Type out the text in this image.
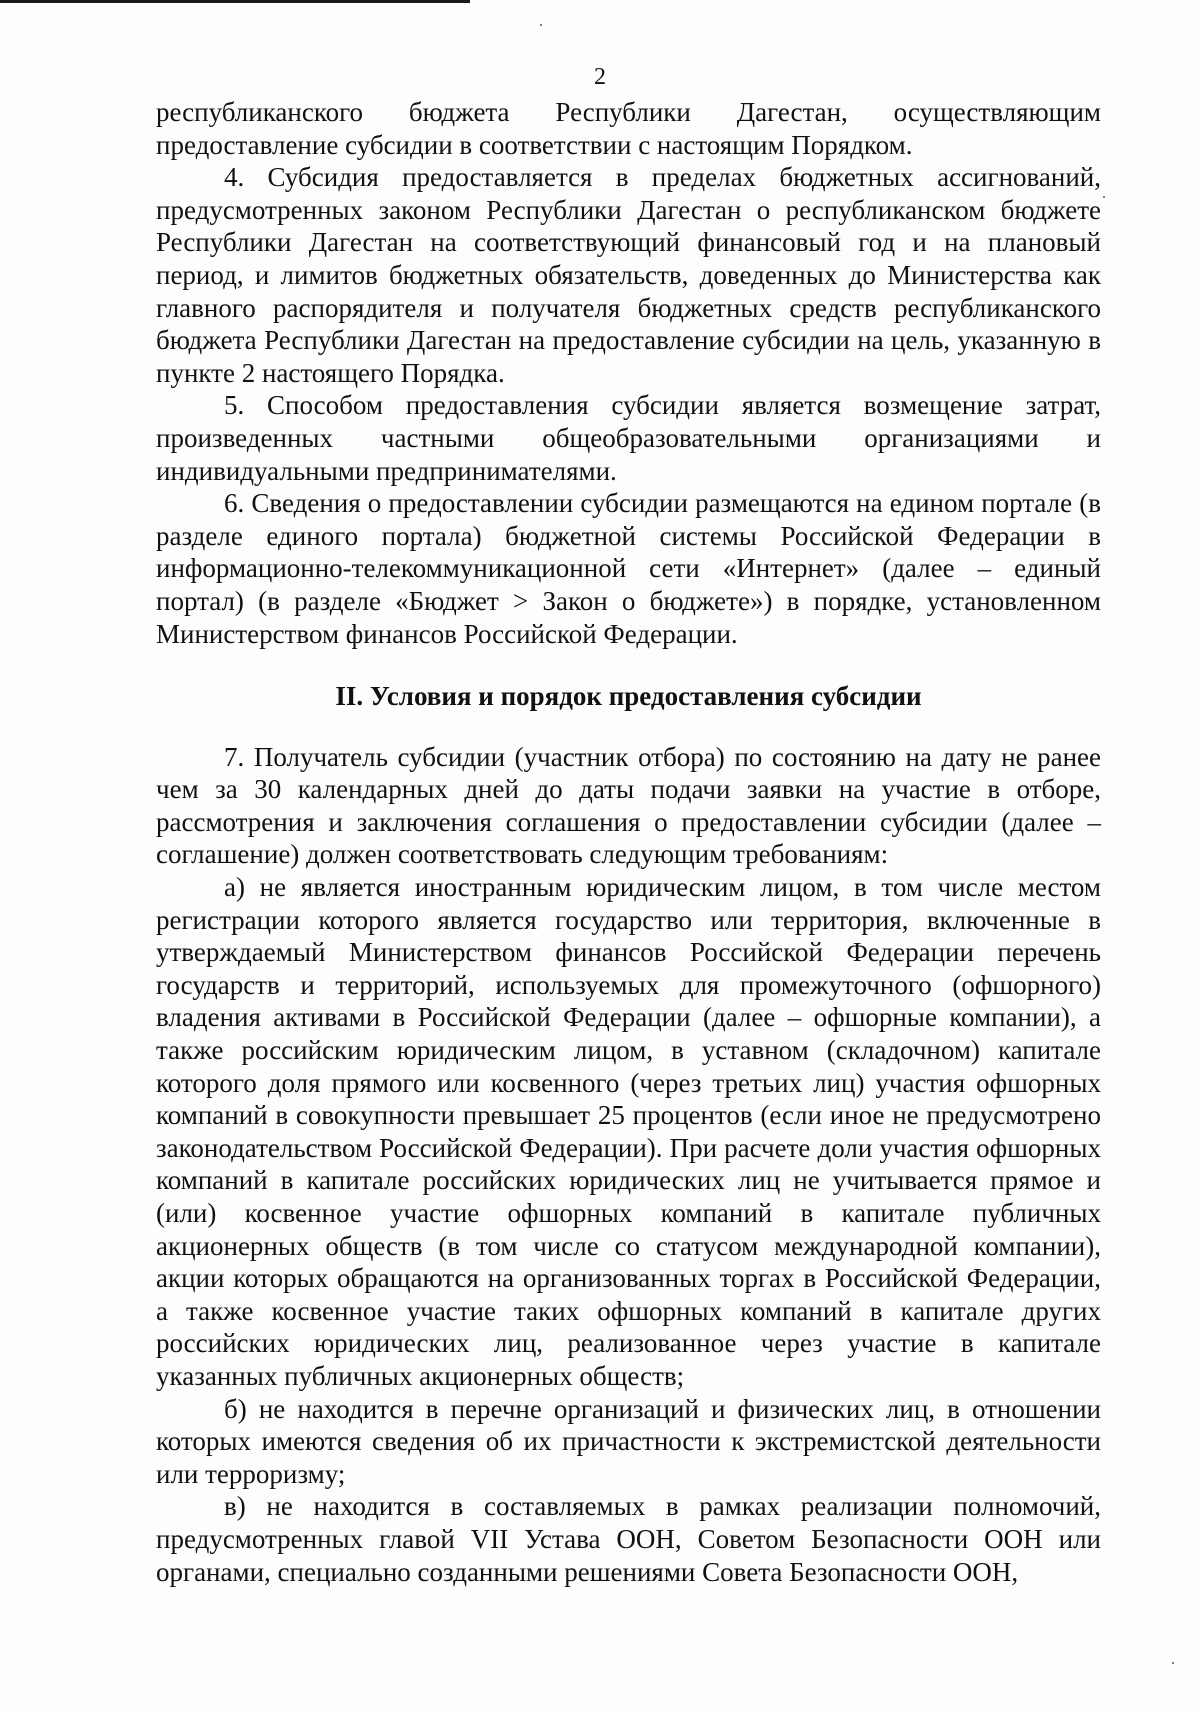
2

республиканского бюджета Республики Дагестан, осуществляющим предоставление субсидии в соответствии с настоящим Порядком.

4. Субсидия предоставляется в пределах бюджетных ассигнований, предусмотренных законом Республики Дагестан о республиканском бюджете Республики Дагестан на соответствующий финансовый год и на плановый период, и лимитов бюджетных обязательств, доведенных до Министерства как главного распорядителя и получателя бюджетных средств республиканского бюджета Республики Дагестан на предоставление субсидии на цель, указанную в пункте 2 настоящего Порядка.

5. Способом предоставления субсидии является возмещение затрат, произведенных частными общеобразовательными организациями и индивидуальными предпринимателями.

6. Сведения о предоставлении субсидии размещаются на едином портале (в разделе единого портала) бюджетной системы Российской Федерации в информационно-телекоммуникационной сети «Интернет» (далее – единый портал) (в разделе «Бюджет > Закон о бюджете») в порядке, установленном Министерством финансов Российской Федерации.

II. Условия и порядок предоставления субсидии

7. Получатель субсидии (участник отбора) по состоянию на дату не ранее чем за 30 календарных дней до даты подачи заявки на участие в отборе, рассмотрения и заключения соглашения о предоставлении субсидии (далее – соглашение) должен соответствовать следующим требованиям:

а) не является иностранным юридическим лицом, в том числе местом регистрации которого является государство или территория, включенные в утверждаемый Министерством финансов Российской Федерации перечень государств и территорий, используемых для промежуточного (офшорного) владения активами в Российской Федерации (далее – офшорные компании), а также российским юридическим лицом, в уставном (складочном) капитале которого доля прямого или косвенного (через третьих лиц) участия офшорных компаний в совокупности превышает 25 процентов (если иное не предусмотрено законодательством Российской Федерации). При расчете доли участия офшорных компаний в капитале российских юридических лиц не учитывается прямое и (или) косвенное участие офшорных компаний в капитале публичных акционерных обществ (в том числе со статусом международной компании), акции которых обращаются на организованных торгах в Российской Федерации, а также косвенное участие таких офшорных компаний в капитале других российских юридических лиц, реализованное через участие в капитале указанных публичных акционерных обществ;

б) не находится в перечне организаций и физических лиц, в отношении которых имеются сведения об их причастности к экстремистской деятельности или терроризму;

в) не находится в составляемых в рамках реализации полномочий, предусмотренных главой VII Устава ООН, Советом Безопасности ООН или органами, специально созданными решениями Совета Безопасности ООН,
